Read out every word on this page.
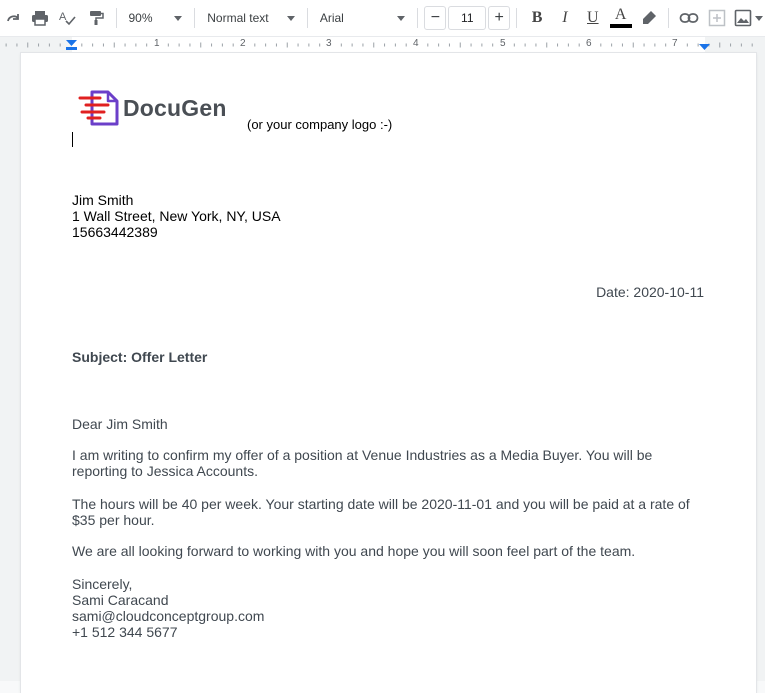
A	90%	Normal text	Arial	−	11	+	B	I	U	A
1	2	3	4	5	6	7
DocuGen
(or your company logo :-)
Jim Smith
1 Wall Street, New York, NY, USA
15663442389
Date: 2020-10-11
Subject: Offer Letter
Dear Jim Smith
I am writing to confirm my offer of a position at Venue Industries as a Media Buyer. You will be reporting to Jessica Accounts.
The hours will be 40 per week. Your starting date will be 2020-11-01 and you will be paid at a rate of $35 per hour.
We are all looking forward to working with you and hope you will soon feel part of the team.
Sincerely,
Sami Caracand
sami@cloudconceptgroup.com
+1 512 344 5677
